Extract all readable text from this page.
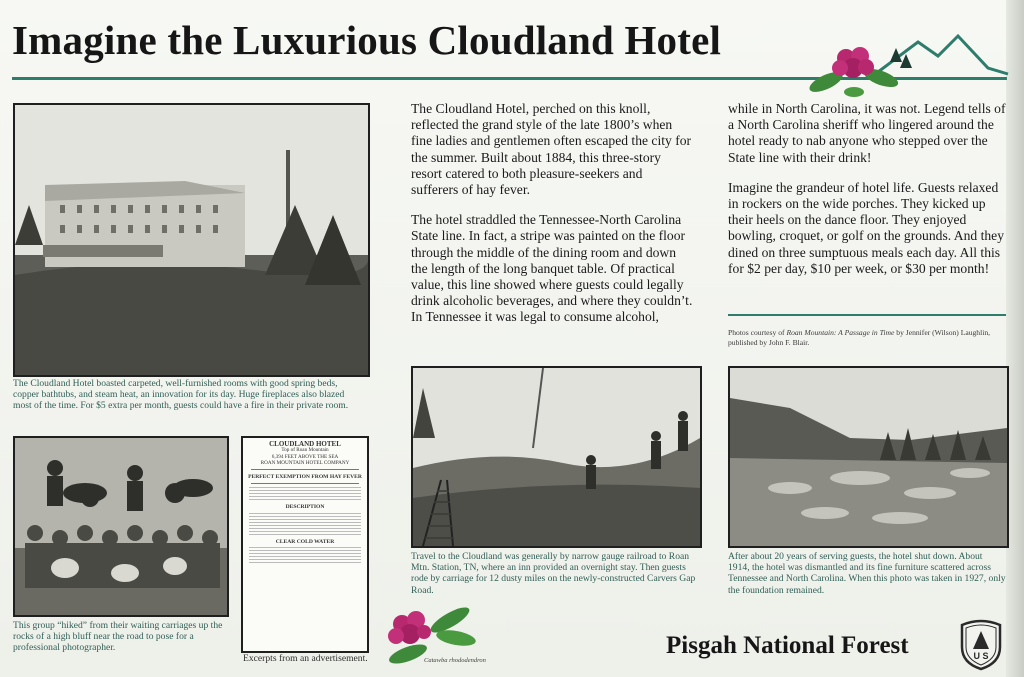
Imagine the Luxurious Cloudland Hotel
The Cloudland Hotel boasted carpeted, well-furnished rooms with good spring beds, copper bathtubs, and steam heat, an innovation for its day. Huge fireplaces also blazed most of the time. For $5 extra per month, guests could have a fire in their private room.
This group “hiked” from their waiting carriages up the rocks of a high bluff near the road to pose for a professional photographer.
CLOUDLAND HOTEL
Top of Roan Mountain
6,394 FEET ABOVE THE SEA
ROAN MOUNTAIN HOTEL COMPANY
PERFECT EXEMPTION FROM HAY FEVER
DESCRIPTION
CLEAR COLD WATER
Excerpts from an advertisement.

The Cloudland Hotel, perched on this knoll, reflected the grand style of the late 1800’s when fine ladies and gentlemen often escaped the city for the summer. Built about 1884, this three-story resort catered to both pleasure-seekers and sufferers of hay fever.

The hotel straddled the Tennessee-North Carolina State line. In fact, a stripe was painted on the floor through the middle of the dining room and down the length of the long banquet table. Of practical value, this line showed where guests could legally drink alcoholic beverages, and where they couldn’t. In Tennessee it was legal to consume alcohol,

while in North Carolina, it was not. Legend tells of a North Carolina sheriff who lingered around the hotel ready to nab anyone who stepped over the State line with their drink!

Imagine the grandeur of hotel life. Guests relaxed in rockers on the wide porches. They kicked up their heels on the dance floor. They enjoyed bowling, croquet, or golf on the grounds. And they dined on three sumptuous meals each day. All this for $2 per day, $10 per week, or $30 per month!

Photos courtesy of Roan Mountain: A Passage in Time by Jennifer (Wilson) Laughlin, published by John F. Blair.
Travel to the Cloudland was generally by narrow gauge railroad to Roan Mtn. Station, TN, where an inn provided an overnight stay. Then guests rode by carriage for 12 dusty miles on the newly-constructed Carvers Gap Road.
After about 20 years of serving guests, the hotel shut down. About 1914, the hotel was dismantled and its fine furniture scattered across Tennessee and North Carolina. When this photo was taken in 1927, only the foundation remained.
Catawba rhododendron
Pisgah National Forest	U S
